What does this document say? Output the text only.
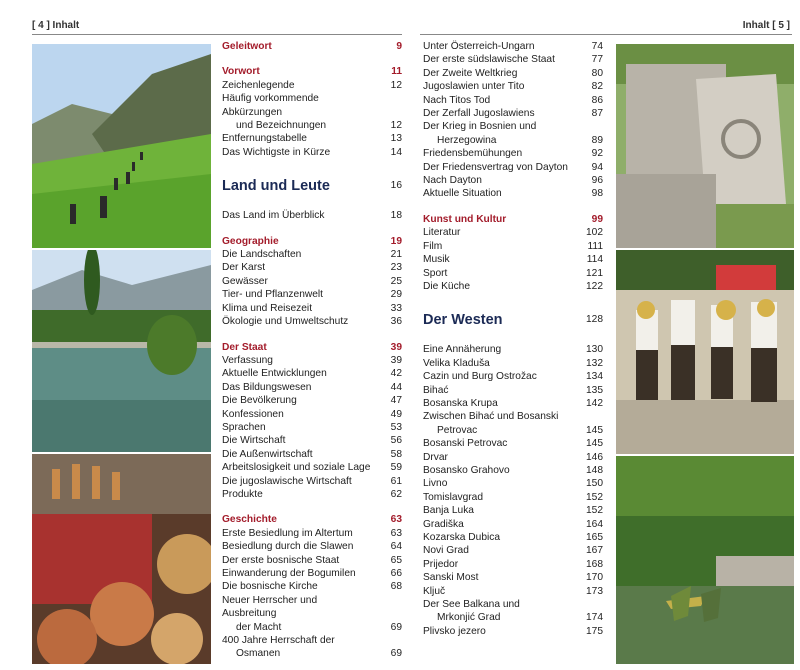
[ 4 ] Inhalt	Inhalt [ 5 ]
Geleitwort	9
Vorwort	11
Zeichenlegende	12
Häufig vorkommende Abkürzungen
und Bezeichnungen	12
Entfernungstabelle	13
Das Wichtigste in Kürze	14
Land und Leute	16
Das Land im Überblick	18
Geographie	19
Die Landschaften	21
Der Karst	23
Gewässer	25
Tier- und Pflanzenwelt	29
Klima und Reisezeit	33
Ökologie und Umweltschutz	36
Der Staat	39
Verfassung	39
Aktuelle Entwicklungen	42
Das Bildungswesen	44
Die Bevölkerung	47
Konfessionen	49
Sprachen	53
Die Wirtschaft	56
Die Außenwirtschaft	58
Arbeitslosigkeit und soziale Lage	59
Die jugoslawische Wirtschaft	61
Produkte	62
Geschichte	63
Erste Besiedlung im Altertum	63
Besiedlung durch die Slawen	64
Der erste bosnische Staat	65
Einwanderung der Bogumilen	66
Die bosnische Kirche	68
Neuer Herrscher und Ausbreitung
der Macht	69
400 Jahre Herrschaft der
Osmanen	69
Unter Österreich-Ungarn	74
Der erste südslawische Staat	77
Der Zweite Weltkrieg	80
Jugoslawien unter Tito	82
Nach Titos Tod	86
Der Zerfall Jugoslawiens	87
Der Krieg in Bosnien und
Herzegowina	89
Friedensbemühungen	92
Der Friedensvertrag von Dayton	94
Nach Dayton	96
Aktuelle Situation	98
Kunst und Kultur	99
Literatur	102
Film	111
Musik	114
Sport	121
Die Küche	122
Der Westen	128
Eine Annäherung	130
Velika Kladuša	132
Cazin und Burg Ostrožac	134
Bihać	135
Bosanska Krupa	142
Zwischen Bihać und Bosanski
Petrovac	145
Bosanski Petrovac	145
Drvar	146
Bosansko Grahovo	148
Livno	150
Tomislavgrad	152
Banja Luka	152
Gradiška	164
Kozarska Dubica	165
Novi Grad	167
Prijedor	168
Sanski Most	170
Ključ	173
Der See Balkana und
Mrkonjić Grad	174
Plivsko jezero	175
